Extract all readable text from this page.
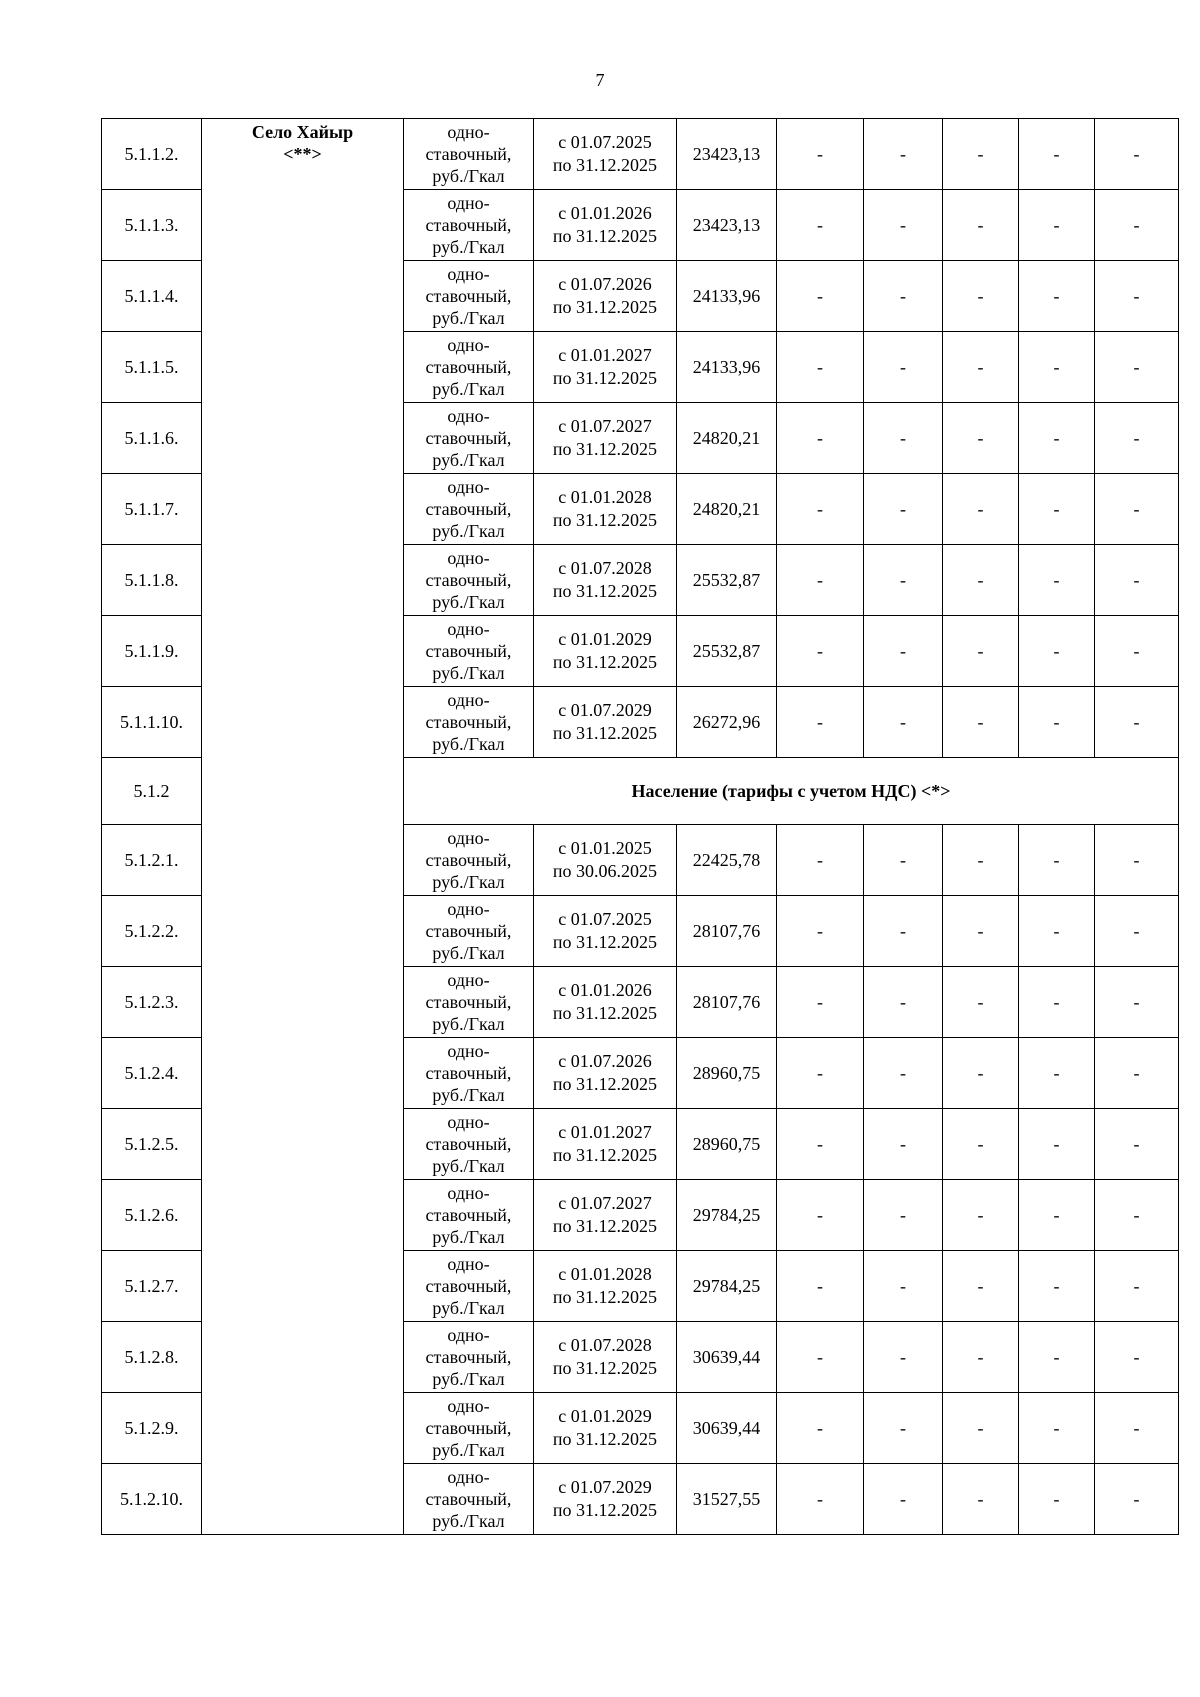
7
5.1.1.2.	Село Хайыр
<**>	одно-
ставочный,
руб./Гкал	с 01.07.2025
по 31.12.2025	23423,13	-	-	-	-	-
5.1.1.3.		одно-
ставочный,
руб./Гкал	с 01.01.2026
по 31.12.2025	23423,13	-	-	-	-	-
5.1.1.4.		одно-
ставочный,
руб./Гкал	с 01.07.2026
по 31.12.2025	24133,96	-	-	-	-	-
5.1.1.5.		одно-
ставочный,
руб./Гкал	с 01.01.2027
по 31.12.2025	24133,96	-	-	-	-	-
5.1.1.6.		одно-
ставочный,
руб./Гкал	с 01.07.2027
по 31.12.2025	24820,21	-	-	-	-	-
5.1.1.7.		одно-
ставочный,
руб./Гкал	с 01.01.2028
по 31.12.2025	24820,21	-	-	-	-	-
5.1.1.8.		одно-
ставочный,
руб./Гкал	с 01.07.2028
по 31.12.2025	25532,87	-	-	-	-	-
5.1.1.9.		одно-
ставочный,
руб./Гкал	с 01.01.2029
по 31.12.2025	25532,87	-	-	-	-	-
5.1.1.10.		одно-
ставочный,
руб./Гкал	с 01.07.2029
по 31.12.2025	26272,96	-	-	-	-	-
5.1.2		Население (тарифы с учетом НДС) <*>							
5.1.2.1.		одно-
ставочный,
руб./Гкал	с 01.01.2025
по 30.06.2025	22425,78	-	-	-	-	-
5.1.2.2.		одно-
ставочный,
руб./Гкал	с 01.07.2025
по 31.12.2025	28107,76	-	-	-	-	-
5.1.2.3.		одно-
ставочный,
руб./Гкал	с 01.01.2026
по 31.12.2025	28107,76	-	-	-	-	-
5.1.2.4.		одно-
ставочный,
руб./Гкал	с 01.07.2026
по 31.12.2025	28960,75	-	-	-	-	-
5.1.2.5.		одно-
ставочный,
руб./Гкал	с 01.01.2027
по 31.12.2025	28960,75	-	-	-	-	-
5.1.2.6.		одно-
ставочный,
руб./Гкал	с 01.07.2027
по 31.12.2025	29784,25	-	-	-	-	-
5.1.2.7.		одно-
ставочный,
руб./Гкал	с 01.01.2028
по 31.12.2025	29784,25	-	-	-	-	-
5.1.2.8.		одно-
ставочный,
руб./Гкал	с 01.07.2028
по 31.12.2025	30639,44	-	-	-	-	-
5.1.2.9.		одно-
ставочный,
руб./Гкал	с 01.01.2029
по 31.12.2025	30639,44	-	-	-	-	-
5.1.2.10.		одно-
ставочный,
руб./Гкал	с 01.07.2029
по 31.12.2025	31527,55	-	-	-	-	-
